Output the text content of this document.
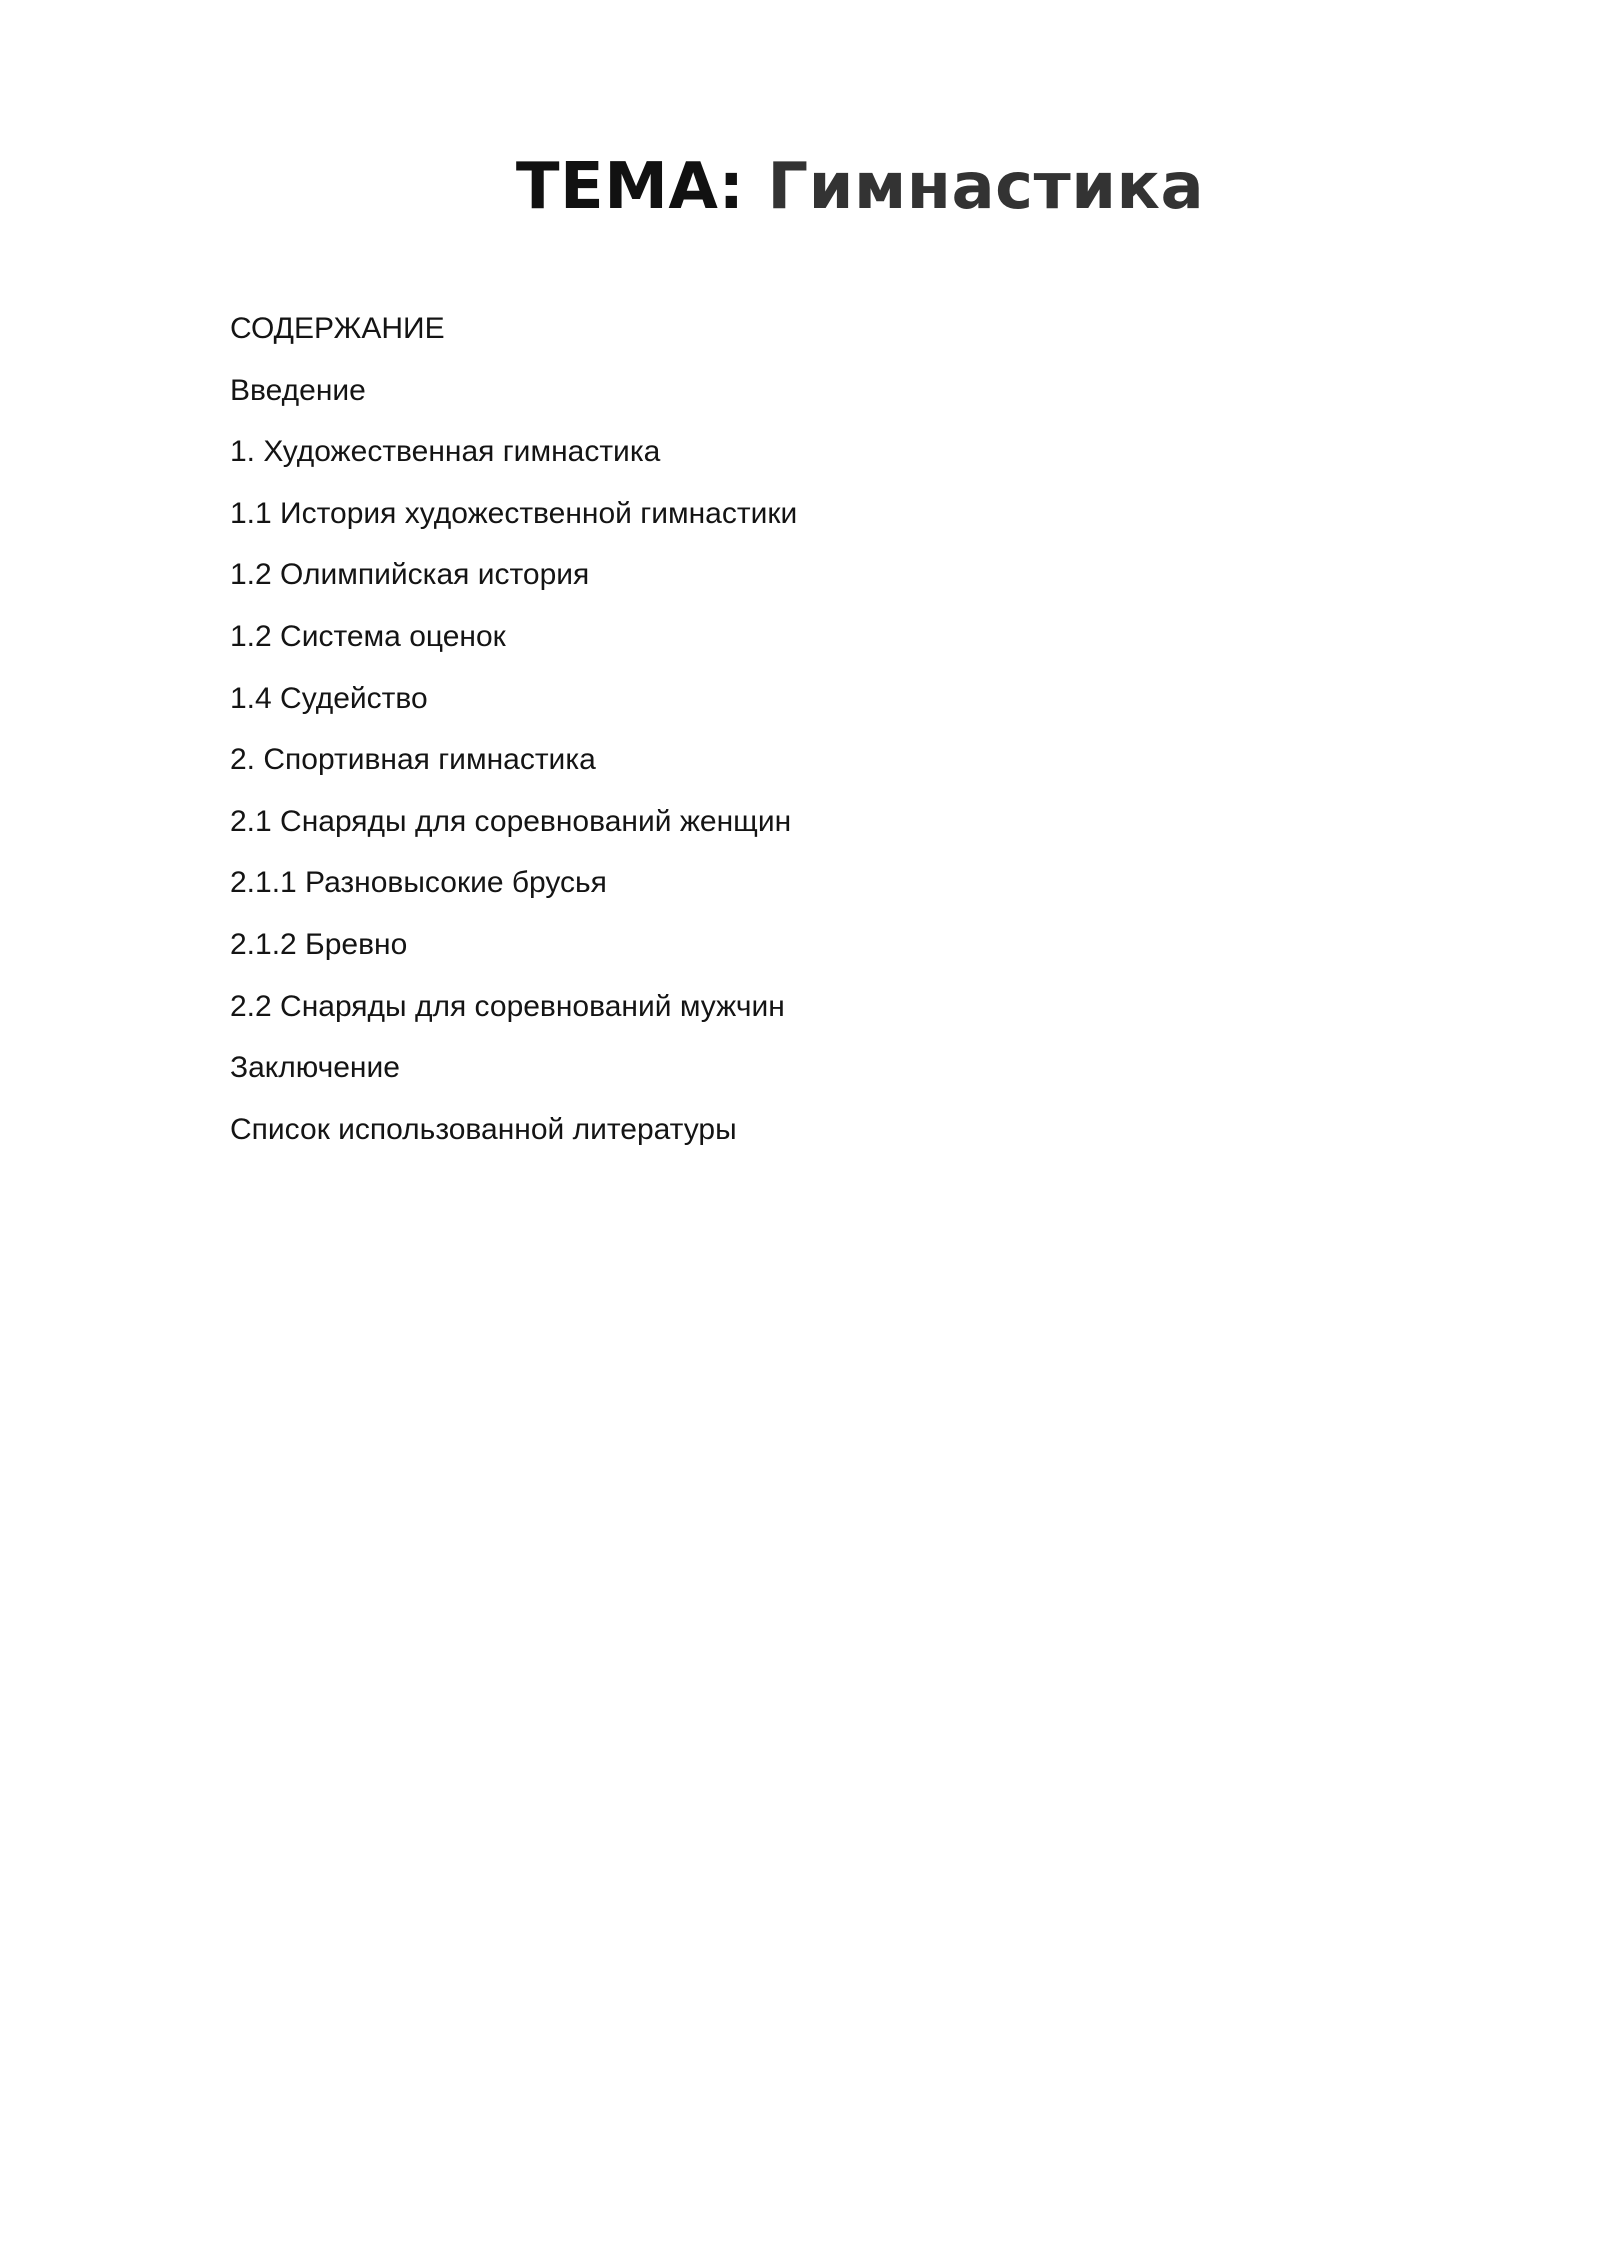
ТЕМА: Гимнастика
СОДЕРЖАНИЕ
Введение
1. Художественная гимнастика
1.1 История художественной гимнастики
1.2 Олимпийская история
1.2 Система оценок
1.4 Судейство
2. Спортивная гимнастика
2.1 Снаряды для соревнований женщин
2.1.1 Разновысокие брусья
2.1.2 Бревно
2.2 Снаряды для соревнований мужчин
Заключение
Список использованной литературы
